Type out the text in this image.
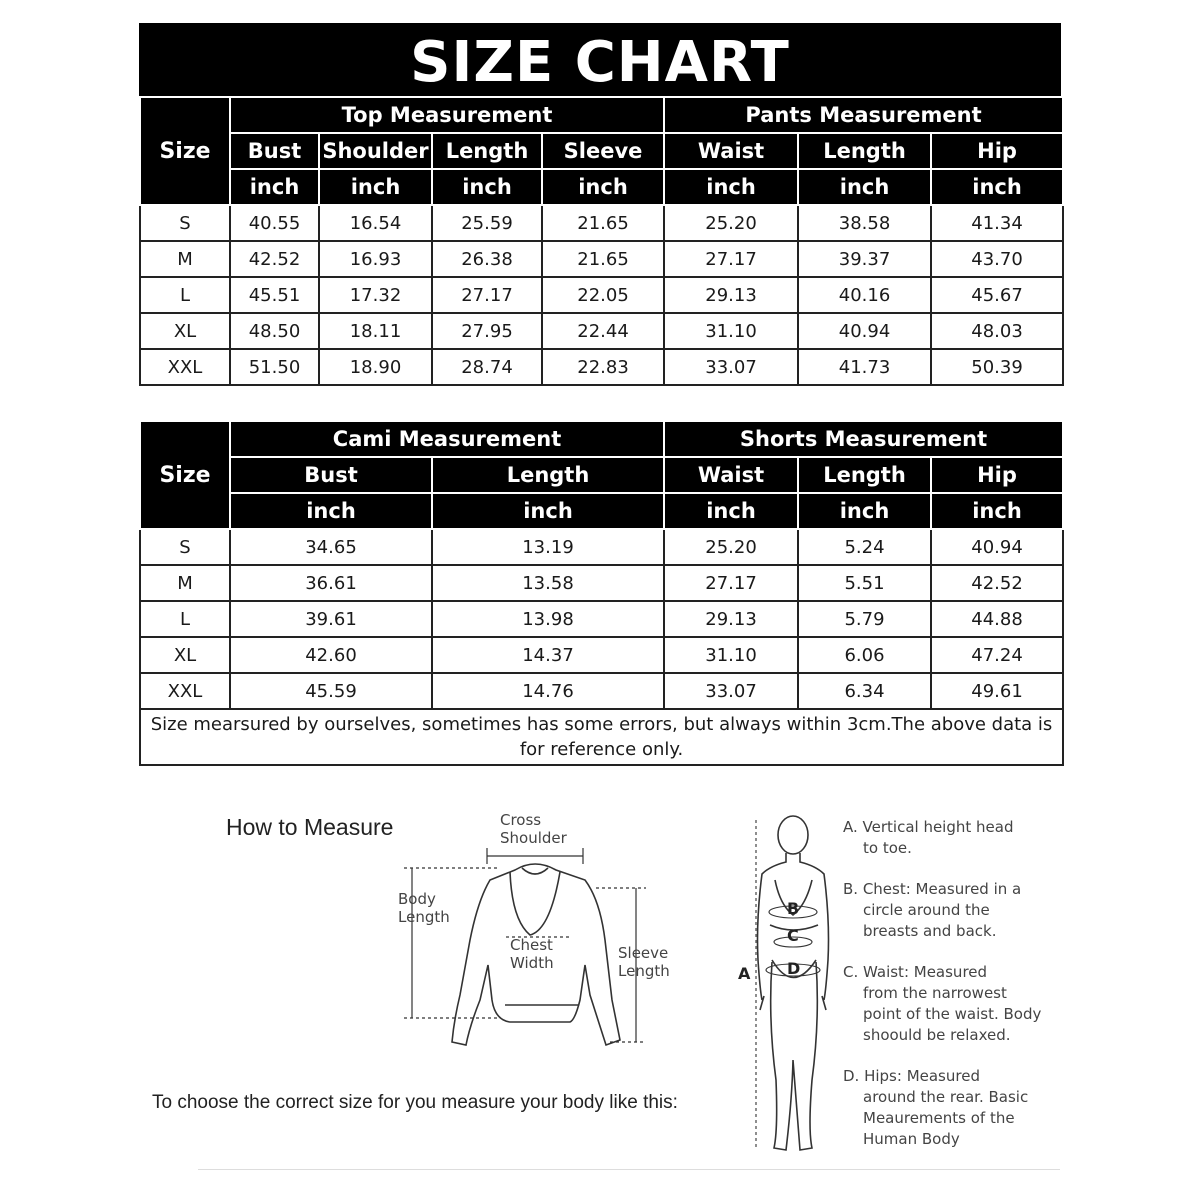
SIZE CHART
Size	Top Measurement				Pants Measurement		
	Bust	Shoulder	Length	Sleeve	Waist	Length	Hip
	inch	inch	inch	inch	inch	inch	inch
S	40.55	16.54	25.59	21.65	25.20	38.58	41.34
M	42.52	16.93	26.38	21.65	27.17	39.37	43.70
L	45.51	17.32	27.17	22.05	29.13	40.16	45.67
XL	48.50	18.11	27.95	22.44	31.10	40.94	48.03
XXL	51.50	18.90	28.74	22.83	33.07	41.73	50.39
Size	Cami Measurement		Shorts Measurement		
	Bust	Length	Waist	Length	Hip
	inch	inch	inch	inch	inch
S	34.65	13.19	25.20	5.24	40.94
M	36.61	13.58	27.17	5.51	42.52
L	39.61	13.98	29.13	5.79	44.88
XL	42.60	14.37	31.10	6.06	47.24
XXL	45.59	14.76	33.07	6.34	49.61
Size mearsured by ourselves, sometimes has some errors, but always within 3cm.The above data is for reference only.					
How to Measure
A
B
C
D
Cross
Shoulder
Body
Length
Chest
Width
Sleeve
Length
To choose the correct size for you measure your body like this:

A. Vertical height head
to toe.

B. Chest: Measured in a
circle around the breasts and back.

C. Waist: Measured
from the narrowest point of the waist. Body shoould be relaxed.

D. Hips: Measured
around the rear. Basic Meaurements of the Human Body
